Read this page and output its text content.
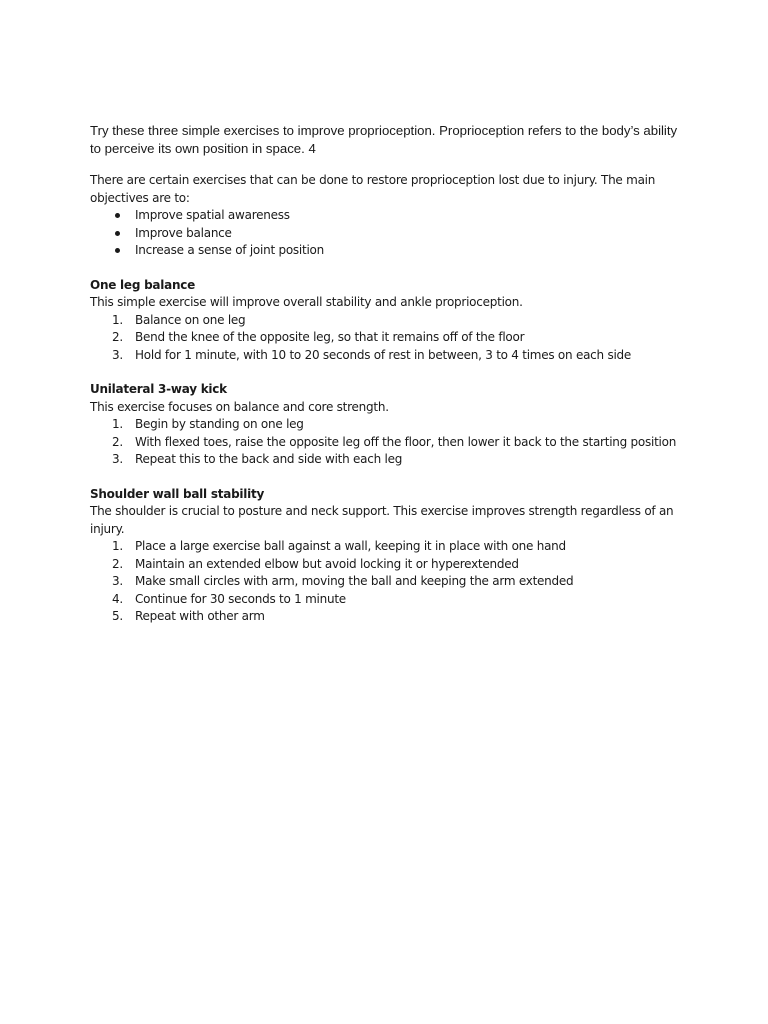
Try these three simple exercises to improve proprioception. Proprioception refers to the body’s ability to perceive its own position in space. 4

There are certain exercises that can be done to restore proprioception lost due to injury. The main objectives are to:

Improve spatial awareness
Improve balance
Increase a sense of joint position

One leg balance

This simple exercise will improve overall stability and ankle proprioception.

1. Balance on one leg
2. Bend the knee of the opposite leg, so that it remains off of the floor
3. Hold for 1 minute, with 10 to 20 seconds of rest in between, 3 to 4 times on each side

Unilateral 3-way kick

This exercise focuses on balance and core strength.

1. Begin by standing on one leg
2. With flexed toes, raise the opposite leg off the floor, then lower it back to the starting position
3. Repeat this to the back and side with each leg

Shoulder wall ball stability

The shoulder is crucial to posture and neck support. This exercise improves strength regardless of an injury.

1. Place a large exercise ball against a wall, keeping it in place with one hand
2. Maintain an extended elbow but avoid locking it or hyperextended
3. Make small circles with arm, moving the ball and keeping the arm extended
4. Continue for 30 seconds to 1 minute
5. Repeat with other arm
